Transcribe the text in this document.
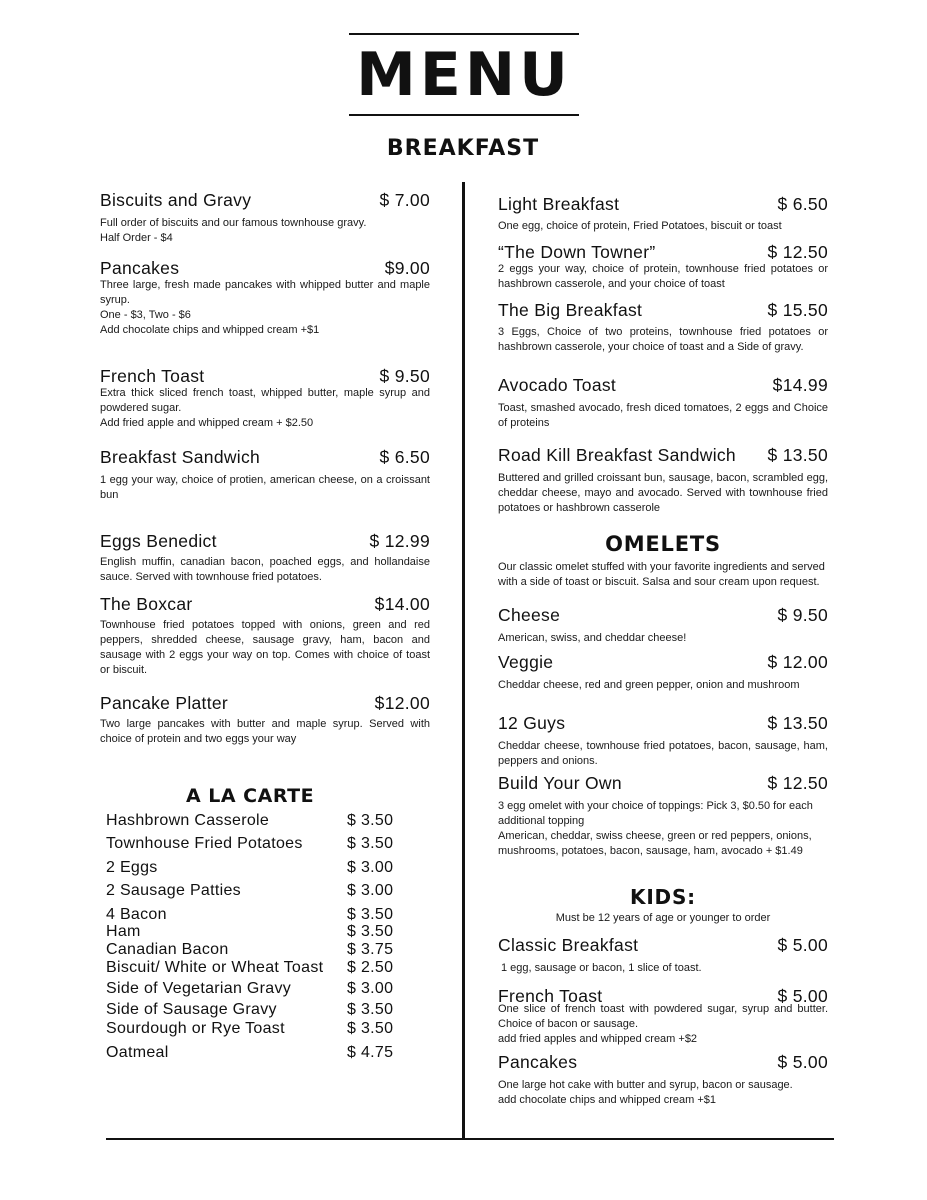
MENU
BREAKFAST
Biscuits and Gravy	$ 7.00
Full order of biscuits and our famous townhouse gravy.
Half Order - $4
Pancakes	$9.00
Three large, fresh made pancakes with whipped butter and maple syrup.
One - $3, Two - $6
Add chocolate chips and whipped cream +$1
French Toast	$ 9.50
Extra thick sliced french toast, whipped butter, maple syrup and powdered sugar.
Add fried apple and whipped cream + $2.50
Breakfast Sandwich	$ 6.50
1 egg your way, choice of protien, american cheese, on a croissant bun
Eggs Benedict	$ 12.99
English muffin, canadian bacon, poached eggs, and hollandaise sauce. Served with townhouse fried potatoes.
The Boxcar	$14.00
Townhouse fried potatoes topped with onions, green and red peppers, shredded cheese, sausage gravy, ham, bacon and sausage with 2 eggs your way on top. Comes with choice of toast or biscuit.
Pancake Platter	$12.00
Two large pancakes with butter and maple syrup. Served with choice of protein and two eggs your way
A LA CARTE
Hashbrown Casserole	$ 3.50
Townhouse Fried Potatoes	$ 3.50
2 Eggs	$ 3.00
2 Sausage Patties	$ 3.00
4 Bacon	$ 3.50
Ham	$ 3.50
Canadian Bacon	$ 3.75
Biscuit/ White or Wheat Toast $ 2.50
Side of Vegetarian Gravy	$ 3.00
Side of Sausage Gravy	$ 3.50
Sourdough or Rye Toast	$ 3.50
Oatmeal	$ 4.75
Light Breakfast	$ 6.50
One egg, choice of protein, Fried Potatoes, biscuit or toast
“The Down Towner”	$ 12.50
2 eggs your way, choice of protein, townhouse fried potatoes or hashbrown casserole, and your choice of toast
The Big Breakfast	$ 15.50
3 Eggs, Choice of two proteins, townhouse fried potatoes or hashbrown casserole, your choice of toast and a Side of gravy.
Avocado Toast	$14.99
Toast, smashed avocado, fresh diced tomatoes, 2 eggs and Choice of proteins
Road Kill Breakfast Sandwich $ 13.50
Buttered and grilled croissant bun, sausage, bacon, scrambled egg, cheddar cheese, mayo and avocado. Served with townhouse fried potatoes or hashbrown casserole
OMELETS
Our classic omelet stuffed with your favorite ingredients and served with a side of toast or biscuit. Salsa and sour cream upon request.
Cheese	$ 9.50
American, swiss, and cheddar cheese!
Veggie	$ 12.00
Cheddar cheese, red and green pepper, onion and mushroom
12 Guys	$ 13.50
Cheddar cheese, townhouse fried potatoes, bacon, sausage, ham, peppers and onions.
Build Your Own	$ 12.50
3 egg omelet with your choice of toppings: Pick 3, $0.50 for each additional topping
American, cheddar, swiss cheese, green or red peppers, onions, mushrooms, potatoes, bacon, sausage, ham, avocado + $1.49
KIDS:
Must be 12 years of age or younger to order
Classic Breakfast	$ 5.00
1 egg, sausage or bacon, 1 slice of toast.
French Toast	$ 5.00
One slice of french toast with powdered sugar, syrup and butter. Choice of bacon or sausage.
add fried apples and whipped cream +$2
Pancakes	$ 5.00
One large hot cake with butter and syrup, bacon or sausage.
add chocolate chips and whipped cream +$1
